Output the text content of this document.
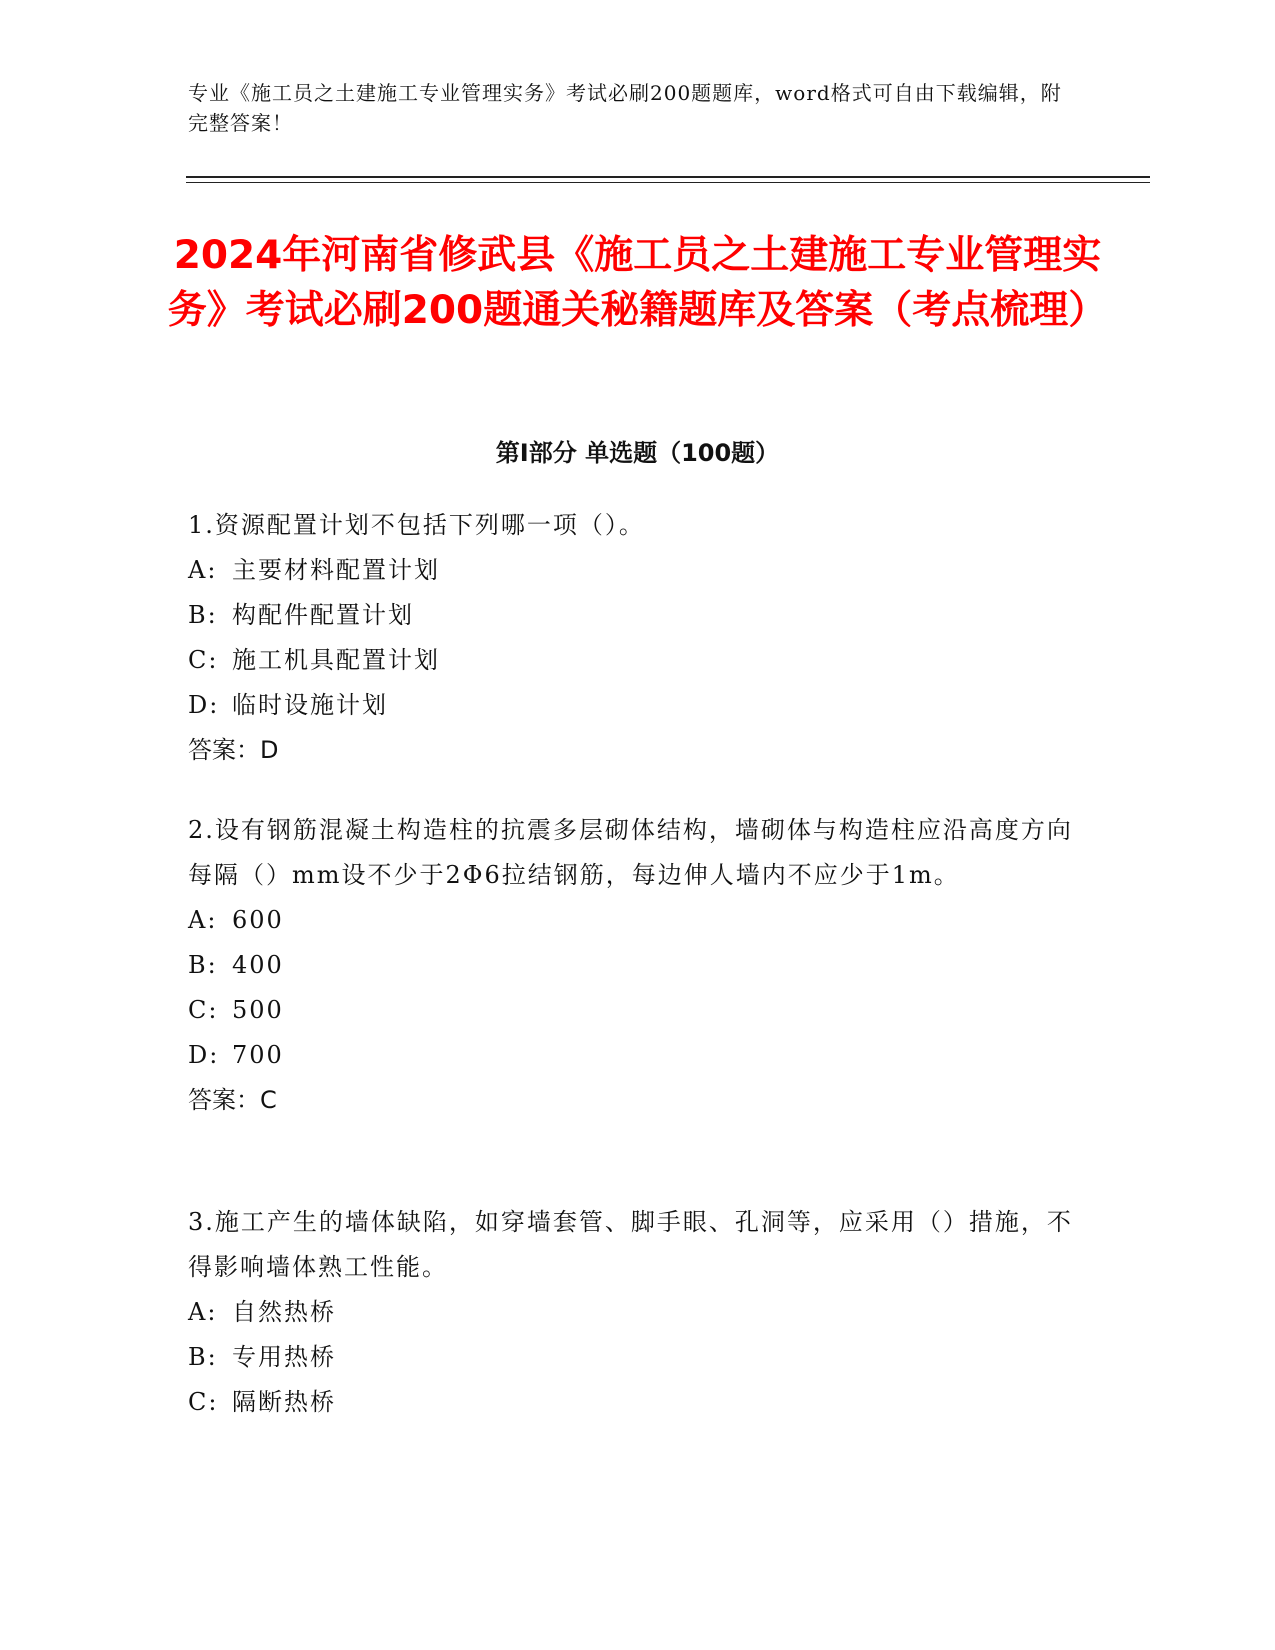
专业《施工员之土建施工专业管理实务》考试必刷200题题库，word格式可自由下载编辑，附完整答案！
2024年河南省修武县《施工员之土建施工专业管理实务》考试必刷200题通关秘籍题库及答案（考点梳理）
第Ⅰ部分 单选题（100题）

1.资源配置计划不包括下列哪一项（）。

A: 主要材料配置计划

B: 构配件配置计划

C: 施工机具配置计划

D: 临时设施计划

答案：D

2.设有钢筋混凝土构造柱的抗震多层砌体结构，墙砌体与构造柱应沿高度方向每隔（）mm设不少于2Φ6拉结钢筋，每边伸人墙内不应少于1m。

A: 600

B: 400

C: 500

D: 700

答案：C

3.施工产生的墙体缺陷，如穿墙套管、脚手眼、孔洞等，应采用（）措施，不得影响墙体熟工性能。

A: 自然热桥

B: 专用热桥

C: 隔断热桥
